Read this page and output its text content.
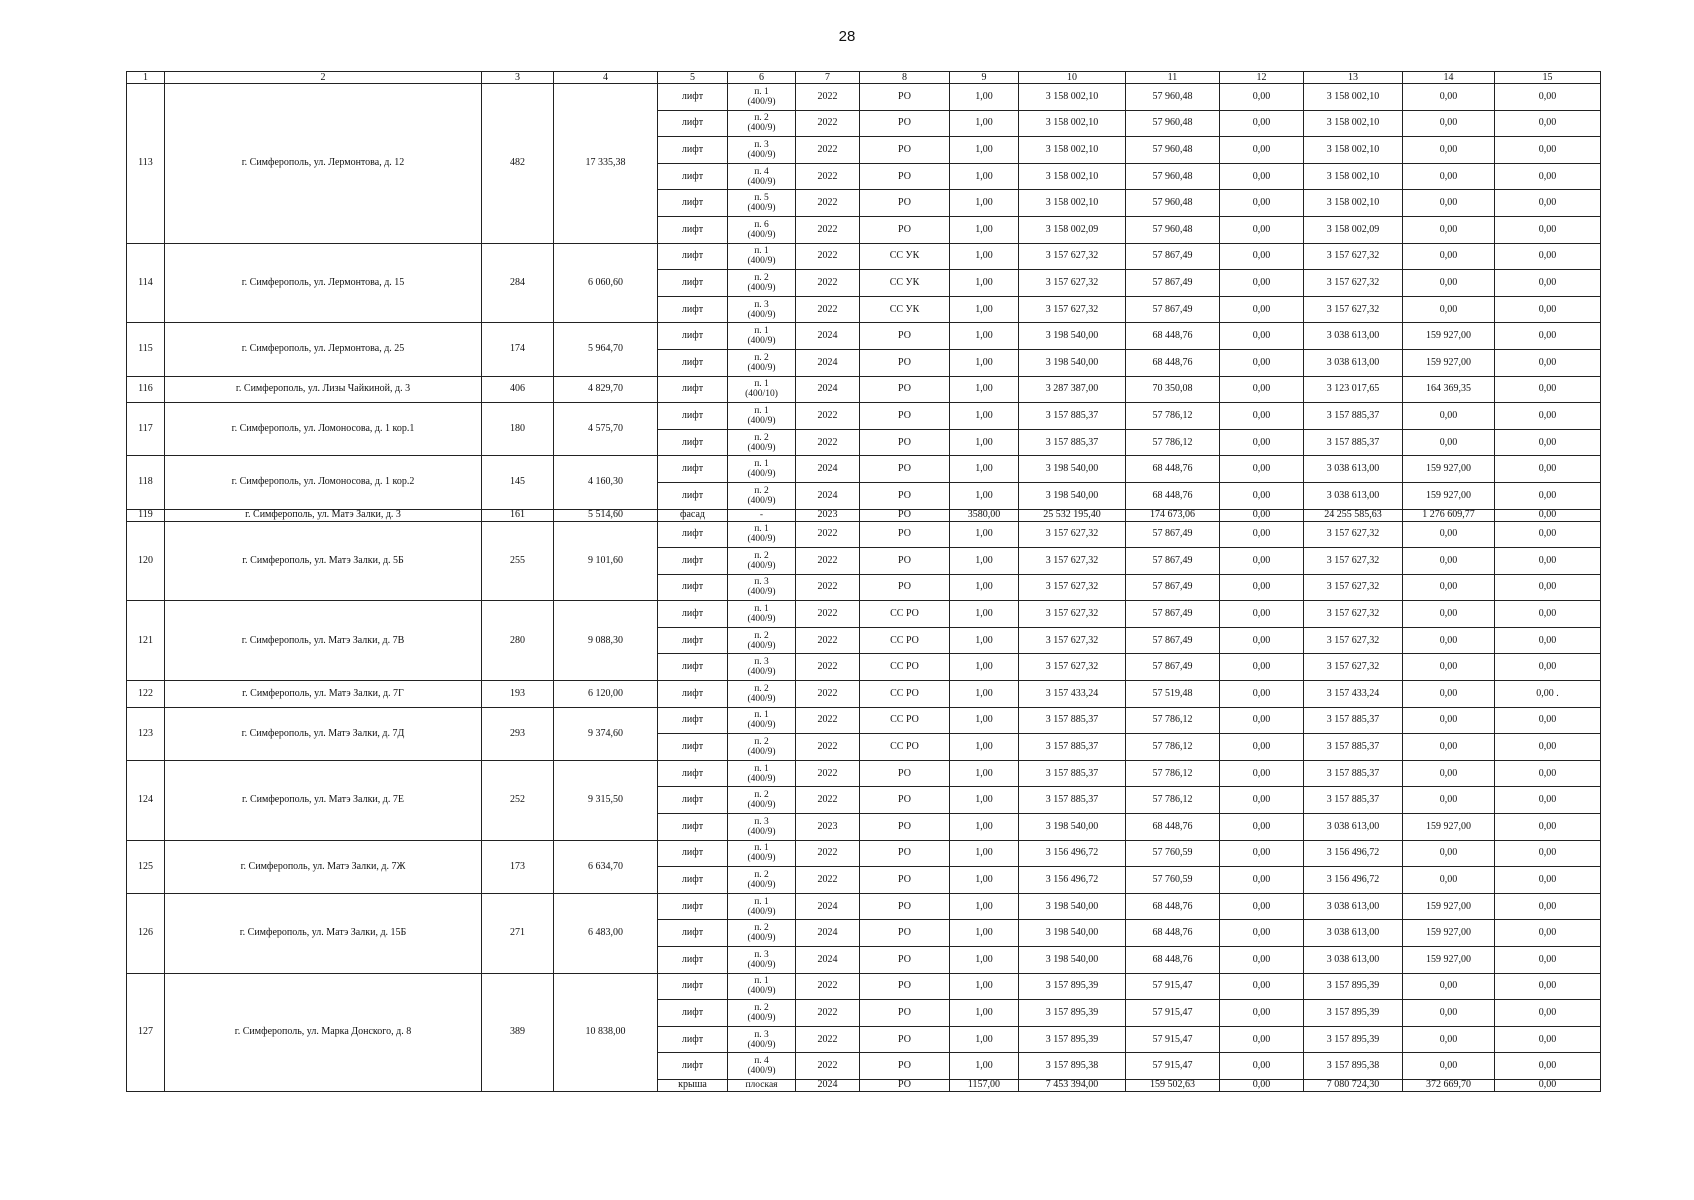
28
1	2	3	4	5	6	7	8	9	10	11	12	13	14	15
113	г. Симферополь, ул. Лермонтова, д. 12	482	17 335,38	лифт	п. 1
(400/9)	2022	РО	1,00	3 158 002,10	57 960,48	0,00	3 158 002,10	0,00	0,00
				лифт	п. 2
(400/9)	2022	РО	1,00	3 158 002,10	57 960,48	0,00	3 158 002,10	0,00	0,00
				лифт	п. 3
(400/9)	2022	РО	1,00	3 158 002,10	57 960,48	0,00	3 158 002,10	0,00	0,00
				лифт	п. 4
(400/9)	2022	РО	1,00	3 158 002,10	57 960,48	0,00	3 158 002,10	0,00	0,00
				лифт	п. 5
(400/9)	2022	РО	1,00	3 158 002,10	57 960,48	0,00	3 158 002,10	0,00	0,00
				лифт	п. 6
(400/9)	2022	РО	1,00	3 158 002,09	57 960,48	0,00	3 158 002,09	0,00	0,00
114	г. Симферополь, ул. Лермонтова, д. 15	284	6 060,60	лифт	п. 1
(400/9)	2022	СС УК	1,00	3 157 627,32	57 867,49	0,00	3 157 627,32	0,00	0,00
				лифт	п. 2
(400/9)	2022	СС УК	1,00	3 157 627,32	57 867,49	0,00	3 157 627,32	0,00	0,00
				лифт	п. 3
(400/9)	2022	СС УК	1,00	3 157 627,32	57 867,49	0,00	3 157 627,32	0,00	0,00
115	г. Симферополь, ул. Лермонтова, д. 25	174	5 964,70	лифт	п. 1
(400/9)	2024	РО	1,00	3 198 540,00	68 448,76	0,00	3 038 613,00	159 927,00	0,00
				лифт	п. 2
(400/9)	2024	РО	1,00	3 198 540,00	68 448,76	0,00	3 038 613,00	159 927,00	0,00
116	г. Симферополь, ул. Лизы Чайкиной, д. 3	406	4 829,70	лифт	п. 1
(400/10)	2024	РО	1,00	3 287 387,00	70 350,08	0,00	3 123 017,65	164 369,35	0,00
117	г. Симферополь, ул. Ломоносова, д. 1 кор.1	180	4 575,70	лифт	п. 1
(400/9)	2022	РО	1,00	3 157 885,37	57 786,12	0,00	3 157 885,37	0,00	0,00
				лифт	п. 2
(400/9)	2022	РО	1,00	3 157 885,37	57 786,12	0,00	3 157 885,37	0,00	0,00
118	г. Симферополь, ул. Ломоносова, д. 1 кор.2	145	4 160,30	лифт	п. 1
(400/9)	2024	РО	1,00	3 198 540,00	68 448,76	0,00	3 038 613,00	159 927,00	0,00
				лифт	п. 2
(400/9)	2024	РО	1,00	3 198 540,00	68 448,76	0,00	3 038 613,00	159 927,00	0,00
119	г. Симферополь, ул. Матэ Залки, д. 3	161	5 514,60	фасад	-	2023	РО	3580,00	25 532 195,40	174 673,06	0,00	24 255 585,63	1 276 609,77	0,00
120	г. Симферополь, ул. Матэ Залки, д. 5Б	255	9 101,60	лифт	п. 1
(400/9)	2022	РО	1,00	3 157 627,32	57 867,49	0,00	3 157 627,32	0,00	0,00
				лифт	п. 2
(400/9)	2022	РО	1,00	3 157 627,32	57 867,49	0,00	3 157 627,32	0,00	0,00
				лифт	п. 3
(400/9)	2022	РО	1,00	3 157 627,32	57 867,49	0,00	3 157 627,32	0,00	0,00
121	г. Симферополь, ул. Матэ Залки, д. 7В	280	9 088,30	лифт	п. 1
(400/9)	2022	СС РО	1,00	3 157 627,32	57 867,49	0,00	3 157 627,32	0,00	0,00
				лифт	п. 2
(400/9)	2022	СС РО	1,00	3 157 627,32	57 867,49	0,00	3 157 627,32	0,00	0,00
				лифт	п. 3
(400/9)	2022	СС РО	1,00	3 157 627,32	57 867,49	0,00	3 157 627,32	0,00	0,00
122	г. Симферополь, ул. Матэ Залки, д. 7Г	193	6 120,00	лифт	п. 2
(400/9)	2022	СС РО	1,00	3 157 433,24	57 519,48	0,00	3 157 433,24	0,00	0,00 .
123	г. Симферополь, ул. Матэ Залки, д. 7Д	293	9 374,60	лифт	п. 1
(400/9)	2022	СС РО	1,00	3 157 885,37	57 786,12	0,00	3 157 885,37	0,00	0,00
				лифт	п. 2
(400/9)	2022	СС РО	1,00	3 157 885,37	57 786,12	0,00	3 157 885,37	0,00	0,00
124	г. Симферополь, ул. Матэ Залки, д. 7Е	252	9 315,50	лифт	п. 1
(400/9)	2022	РО	1,00	3 157 885,37	57 786,12	0,00	3 157 885,37	0,00	0,00
				лифт	п. 2
(400/9)	2022	РО	1,00	3 157 885,37	57 786,12	0,00	3 157 885,37	0,00	0,00
				лифт	п. 3
(400/9)	2023	РО	1,00	3 198 540,00	68 448,76	0,00	3 038 613,00	159 927,00	0,00
125	г. Симферополь, ул. Матэ Залки, д. 7Ж	173	6 634,70	лифт	п. 1
(400/9)	2022	РО	1,00	3 156 496,72	57 760,59	0,00	3 156 496,72	0,00	0,00
				лифт	п. 2
(400/9)	2022	РО	1,00	3 156 496,72	57 760,59	0,00	3 156 496,72	0,00	0,00
126	г. Симферополь, ул. Матэ Залки, д. 15Б	271	6 483,00	лифт	п. 1
(400/9)	2024	РО	1,00	3 198 540,00	68 448,76	0,00	3 038 613,00	159 927,00	0,00
				лифт	п. 2
(400/9)	2024	РО	1,00	3 198 540,00	68 448,76	0,00	3 038 613,00	159 927,00	0,00
				лифт	п. 3
(400/9)	2024	РО	1,00	3 198 540,00	68 448,76	0,00	3 038 613,00	159 927,00	0,00
127	г. Симферополь, ул. Марка Донского, д. 8	389	10 838,00	лифт	п. 1
(400/9)	2022	РО	1,00	3 157 895,39	57 915,47	0,00	3 157 895,39	0,00	0,00
				лифт	п. 2
(400/9)	2022	РО	1,00	3 157 895,39	57 915,47	0,00	3 157 895,39	0,00	0,00
				лифт	п. 3
(400/9)	2022	РО	1,00	3 157 895,39	57 915,47	0,00	3 157 895,39	0,00	0,00
				лифт	п. 4
(400/9)	2022	РО	1,00	3 157 895,38	57 915,47	0,00	3 157 895,38	0,00	0,00
				крыша	плоская	2024	РО	1157,00	7 453 394,00	159 502,63	0,00	7 080 724,30	372 669,70	0,00
